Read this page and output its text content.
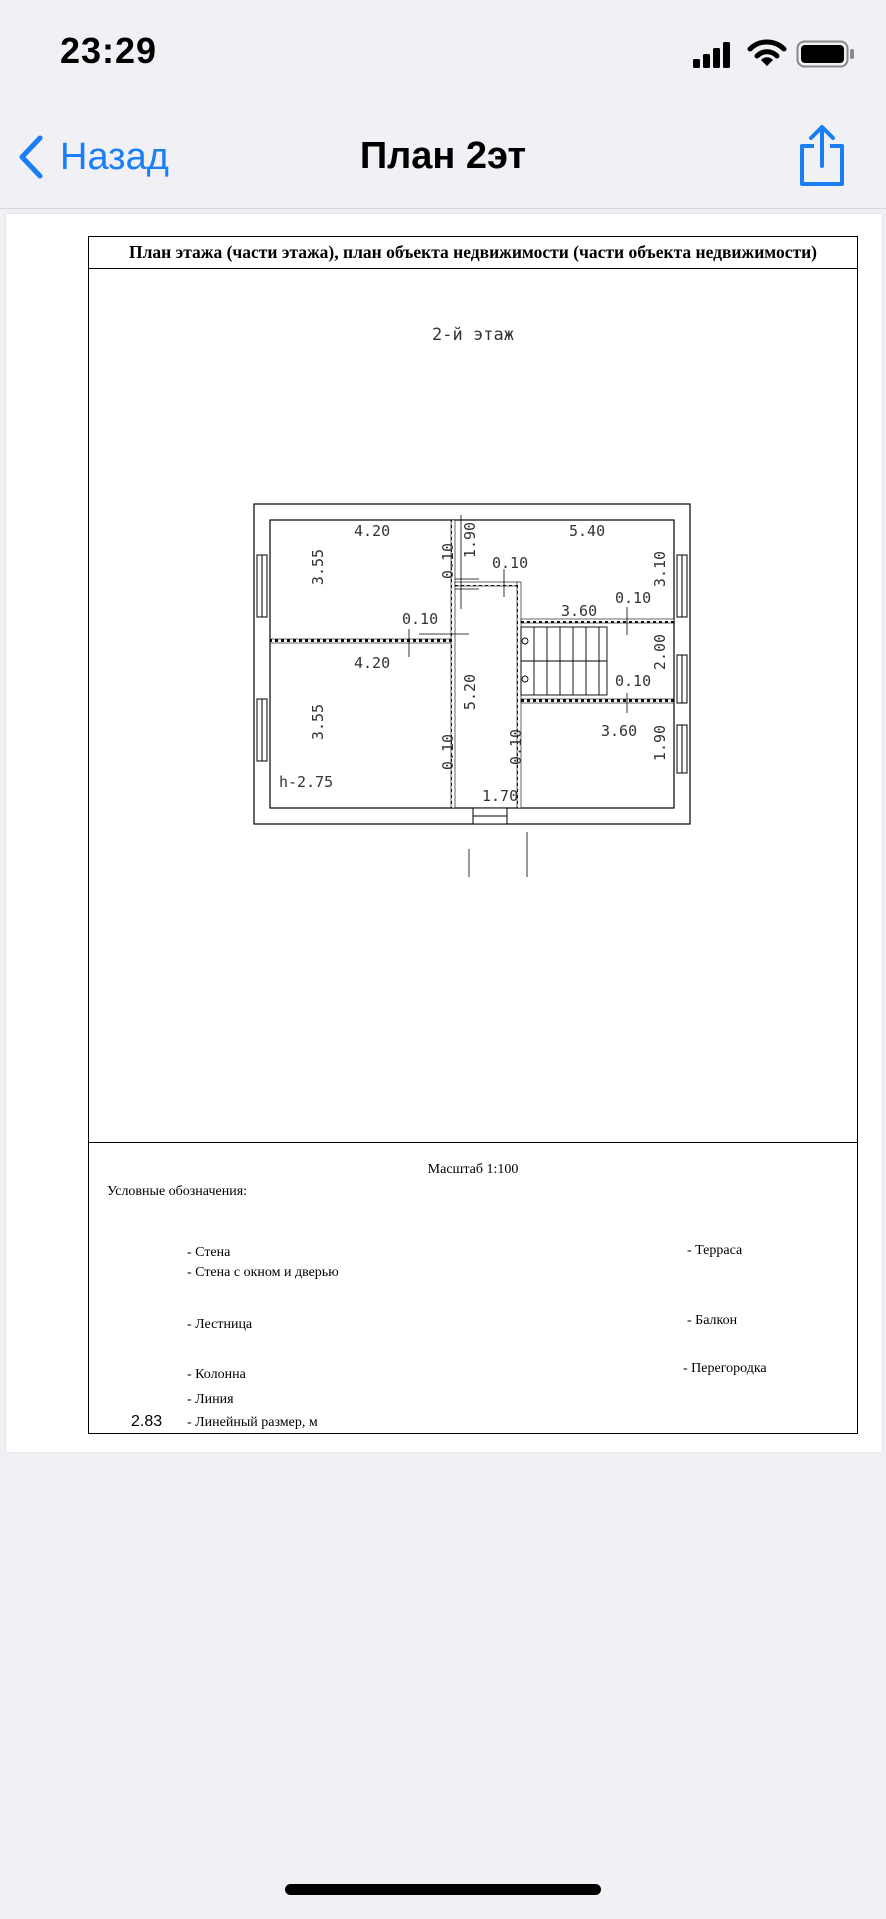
23:29
Назад	План 2эт
План этажа (части этажа), план объекта недвижимости (части объекта недвижимости)
2-й этаж
4.20	5.40
4.20
3.60
3.60
1.70
h-2.75
0.10
0.10
0.10
0.10
3.55
3.55
1.90
5.20
3.10
2.00
1.90
0.10
0.10	0.10
Масштаб 1:100
Условные обозначения:
- Стена
- Стена с окном и дверью
- Лестница
- Колонна
- Линия
2.83 - Линейный размер, м
- Терраса
- Балкон
- Перегородка
